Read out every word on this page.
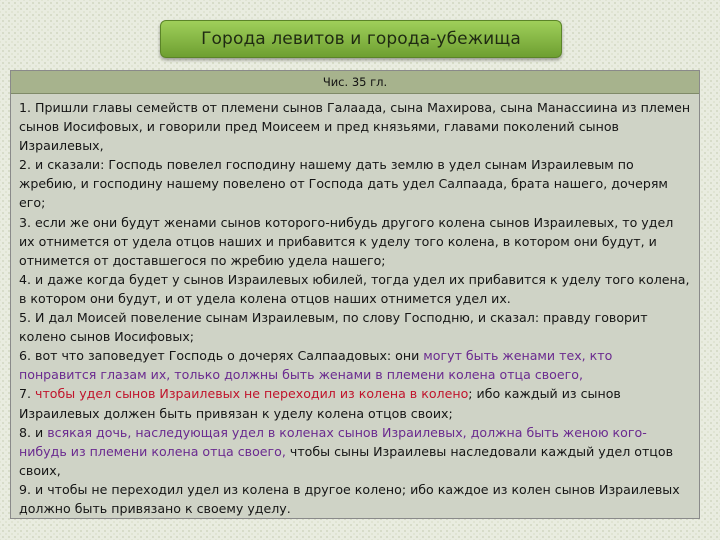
Города левитов и города-убежища
Чис. 35 гл.

1. Пришли главы семейств от племени сынов Галаада, сына Махирова, сына Манассиина из племен сынов Иосифовых, и говорили пред Моисеем и пред князьями, главами поколений сынов Израилевых,

2. и сказали: Господь повелел господину нашему дать землю в удел сынам Израилевым по жребию, и господину нашему повелено от Господа дать удел Салпаада, брата нашего, дочерям его;

3. если же они будут женами сынов которого-нибудь другого колена сынов Израилевых, то удел их отнимется от удела отцов наших и прибавится к уделу того колена, в котором они будут, и отнимется от доставшегося по жребию удела нашего;

4. и даже когда будет у сынов Израилевых юбилей, тогда удел их прибавится к уделу того колена, в котором они будут, и от удела колена отцов наших отнимется удел их.

5. И дал Моисей повеление сынам Израилевым, по слову Господню, и сказал: правду говорит колено сынов Иосифовых;

6. вот что заповедует Господь о дочерях Салпаадовых: они могут быть женами тех, кто понравится глазам их, только должны быть женами в племени колена отца своего,

7. чтобы удел сынов Израилевых не переходил из колена в колено; ибо каждый из сынов Израилевых должен быть привязан к уделу колена отцов своих;

8. и всякая дочь, наследующая удел в коленах сынов Израилевых, должна быть женою кого-нибудь из племени колена отца своего, чтобы сыны Израилевы наследовали каждый удел отцов своих,

9. и чтобы не переходил удел из колена в другое колено; ибо каждое из колен сынов Израилевых должно быть привязано к своему уделу.
